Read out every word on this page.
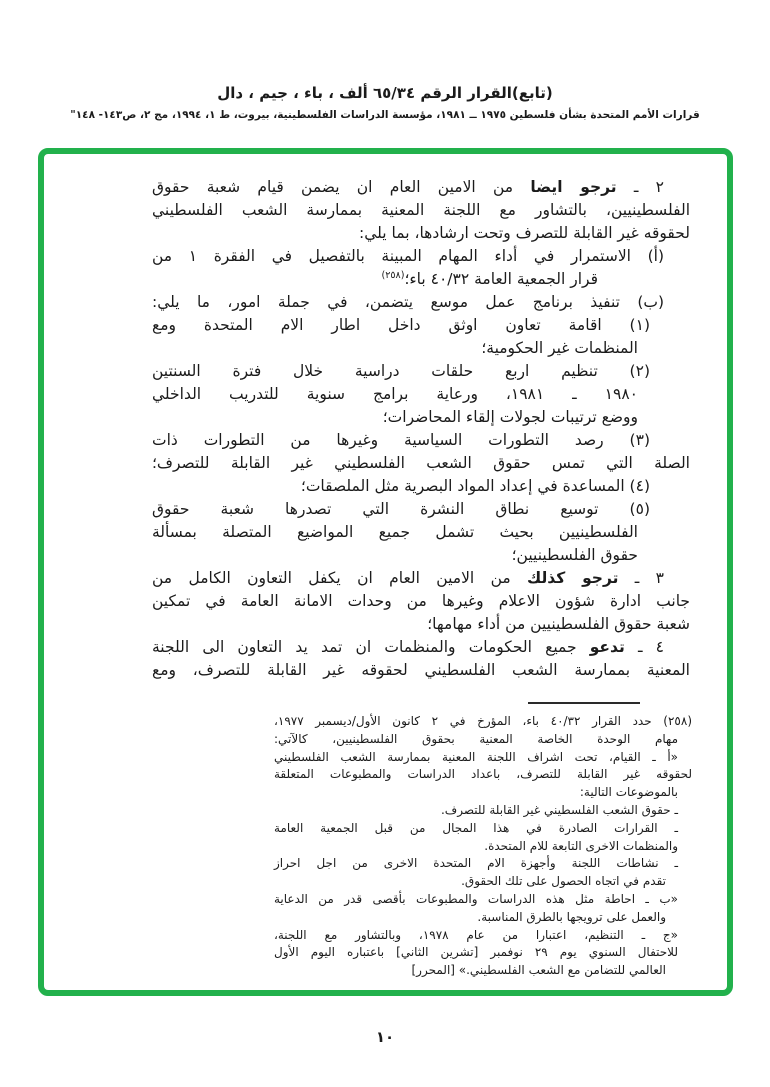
(تابع)القرار الرقم ٦٥/٣٤ ألف ، باء ، جيم ، دال
قرارات الأمم المتحدة بشأن فلسطين ١٩٧٥ ــ ١٩٨١، مؤسسة الدراسات الفلسطينية، بيروت، ط ١، ١٩٩٤، مج ٢، ص١٤٣- ١٤٨"
٢ ـ ترجو ايضا من الامين العام ان يضمن قيام شعبة حقوق
الفلسطينيين، بالتشاور مع اللجنة المعنية بممارسة الشعب الفلسطيني
لحقوقه غير القابلة للتصرف وتحت ارشادها، بما يلي:
(أ) الاستمرار في أداء المهام المبينة بالتفصيل في الفقرة ١ من
قرار الجمعية العامة ٤٠/٣٢ باء؛$^{(٢٥٨)}$
(ب) تنفيذ برنامج عمل موسع يتضمن، في جملة امور، ما يلي:
(١) اقامة تعاون اوثق داخل اطار الام المتحدة ومع
المنظمات غير الحكومية؛
(٢) تنظيم اربع حلقات دراسية خلال فترة السنتين
١٩٨٠ ـ ١٩٨١، ورعاية برامج سنوية للتدريب الداخلي
ووضع ترتيبات لجولات إلقاء المحاضرات؛
(٣) رصد التطورات السياسية وغيرها من التطورات ذات
الصلة التي تمس حقوق الشعب الفلسطيني غير القابلة للتصرف؛
(٤) المساعدة في إعداد المواد البصرية مثل الملصقات؛
(٥) توسيع نطاق النشرة التي تصدرها شعبة حقوق
الفلسطينيين بحيث تشمل جميع المواضيع المتصلة بمسألة
حقوق الفلسطينيين؛
٣ ـ ترجو كذلك من الامين العام ان يكفل التعاون الكامل من
جانب ادارة شؤون الاعلام وغيرها من وحدات الامانة العامة في تمكين
شعبة حقوق الفلسطينيين من أداء مهامها؛
٤ ـ تدعو جميع الحكومات والمنظمات ان تمد يد التعاون الى اللجنة
المعنية بممارسة الشعب الفلسطيني لحقوقه غير القابلة للتصرف، ومع
(٢٥٨) حدد القرار ٤٠/٣٢ باء، المؤرخ في ٢ كانون الأول/ديسمبر ١٩٧٧،
مهام الوحدة الخاصة المعنية بحقوق الفلسطينيين، كالآتي:
«أ ـ القيام، تحت اشراف اللجنة المعنية بممارسة الشعب الفلسطيني
لحقوقه غير القابلة للتصرف، باعداد الدراسات والمطبوعات المتعلقة
بالموضوعات التالية:
ـ حقوق الشعب الفلسطيني غير القابلة للتصرف.
ـ القرارات الصادرة في هذا المجال من قبل الجمعية العامة
والمنظمات الاخرى التابعة للام المتحدة.
ـ نشاطات اللجنة وأجهزة الام المتحدة الاخرى من اجل احراز
تقدم في اتجاه الحصول على تلك الحقوق.
«ب ـ احاطة مثل هذه الدراسات والمطبوعات بأقصى قدر من الدعاية
والعمل على ترويجها بالطرق المناسبة.
«ج ـ التنظيم، اعتبارا من عام ١٩٧٨، وبالتشاور مع اللجنة،
للاحتفال السنوي يوم ٢٩ نوفمبر [تشرين الثاني] باعتباره اليوم الأول
العالمي للتضامن مع الشعب الفلسطيني.» [المحرر]
١٠
